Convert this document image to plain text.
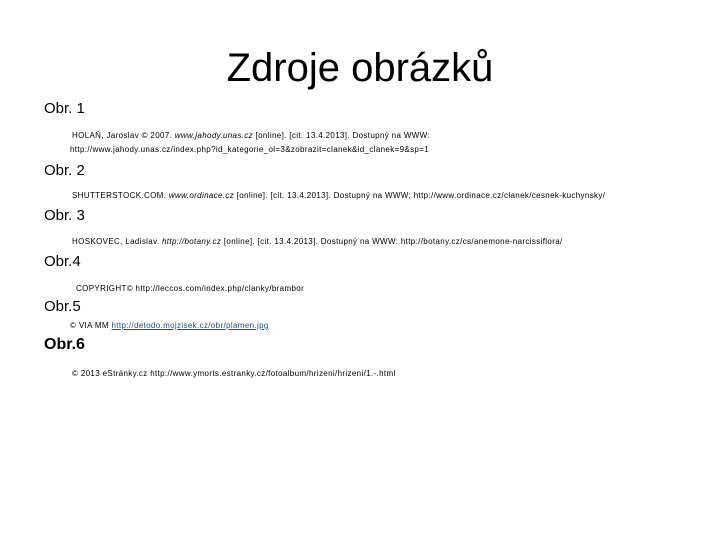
Zdroje obrázků
Obr. 1
HOLAŇ, Jaroslav © 2007. www.jahody.unas.cz [online]. [cit. 13.4.2013]. Dostupný na WWW:
http://www.jahody.unas.cz/index.php?id_kategorie_ol=3&zobrazit=clanek&id_clanek=9&sp=1
Obr. 2
SHUTTERSTOCK.COM. www.ordinace.cz [online]. [cit. 13.4.2013]. Dostupný na WWW: http://www.ordinace.cz/clanek/cesnek-kuchynsky/
Obr. 3
HOSKOVEC, Ladislav. http://botany.cz [online]. [cit. 13.4.2013]. Dostupný na WWW: http://botany.cz/cs/anemone-narcissiflora/
Obr.4
COPYRIGHT© http://leccos.com/index.php/clanky/brambor
Obr.5
© VIA MM http://detodo.mojzisek.cz/obr/plamen.jpg
Obr.6
© 2013 eStránky.cz http://www.ymorts.estranky.cz/fotoalbum/hrizeni/hrizeni/1.-.html
